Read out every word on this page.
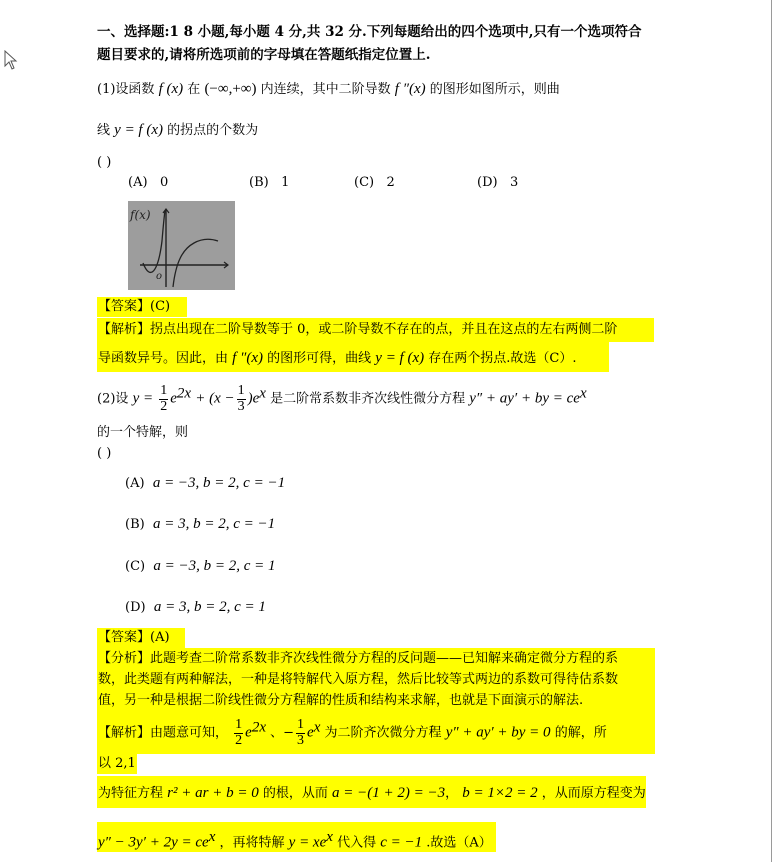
一、选择题:1 8 小题,每小题 4 分,共 32 分.下列每题给出的四个选项中,只有一个选项符合
题目要求的,请将所选项前的字母填在答题纸指定位置上.
(1)设函数 f (x) 在 (−∞,+∞) 内连续，其中二阶导数 f ″(x) 的图形如图所示，则曲
线 y = f (x) 的拐点的个数为
( )
(A) 0	(B) 1	(C) 2	(D) 3
f(x)
o
【答案】(C)
【解析】拐点出现在二阶导数等于 0，或二阶导数不存在的点，并且在这点的左右两侧二阶
导函数异号。因此，由 f ″(x) 的图形可得，曲线 y = f (x) 存在两个拐点.故选（C）.
(2)设 $y = \frac{1}{2} e^{2x} + (x - \frac{1}{3} )e^x$ 是二阶常系数非齐次线性微分方程 y″ + ay′ + by = $ce^x$
的一个特解，则
( )
(A) a = −3, b = 2, c = −1
(B) a = 3, b = 2, c = −1
(C) a = −3, b = 2, c = 1
(D) a = 3, b = 2, c = 1
【答案】(A)
【分析】此题考查二阶常系数非齐次线性微分方程的反问题——已知解来确定微分方程的系
数，此类题有两种解法，一种是将特解代入原方程，然后比较等式两边的系数可得待估系数
值，另一种是根据二阶线性微分方程解的性质和结构来求解，也就是下面演示的解法.
【解析】由题意可知， $\frac{1}{2} e^{2x}$ 、− $\frac{1}{3} e^x$ 为二阶齐次微分方程 y″ + ay′ + by = 0 的解，所
以 2,1
为特征方程 r² + ar + b = 0 的根，从而 a = −(1 + 2) = −3， b = 1×2 = 2 ，从而原方程变为
$y'' - 3y' + 2y = ce^x$ ，再将特解 $y = xe^x$ 代入得 c = −1 .故选（A）
